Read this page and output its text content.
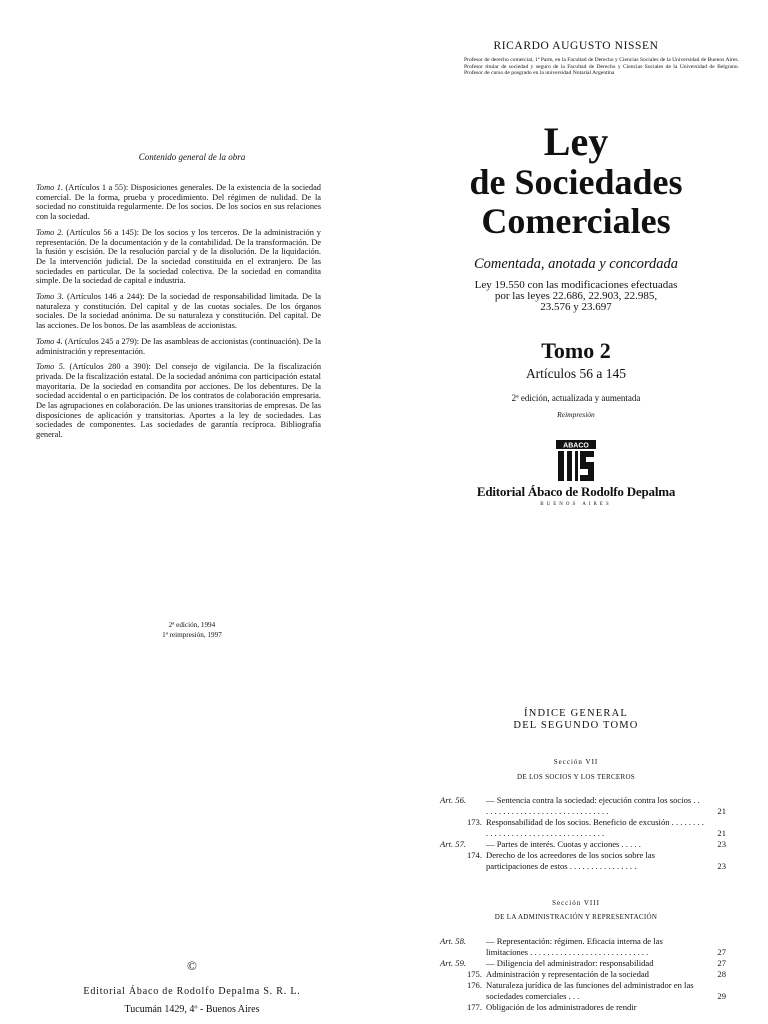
Contenido general de la obra
Tomo 1. (Artículos 1 a 55): Disposiciones generales. De la existencia de la sociedad comercial. De la forma, prueba y procedimiento. Del régimen de nulidad. De la sociedad no constituida regularmente. De los socios. De los socios en sus relaciones con la sociedad.
Tomo 2. (Artículos 56 a 145): De los socios y los terceros. De la administración y representación. De la documentación y de la contabilidad. De la transformación. De la fusión y escisión. De la resolución parcial y de la disolución. De la liquidación. De la intervención judicial. De la sociedad constituida en el extranjero. De las sociedades en particular. De la sociedad colectiva. De la sociedad en comandita simple. De la sociedad de capital e industria.
Tomo 3. (Artículos 146 a 244): De la sociedad de responsabilidad limitada. De la naturaleza y constitución. Del capital y de las cuotas sociales. De los órganos sociales. De la sociedad anónima. De su naturaleza y constitución. Del capital. De las acciones. De los bonos. De las asambleas de accionistas.
Tomo 4. (Artículos 245 a 279): De las asambleas de accionistas (continuación). De la administración y representación.
Tomo 5. (Artículos 280 a 390): Del consejo de vigilancia. De la fiscalización privada. De la fiscalización estatal. De la sociedad anónima con participación estatal mayoritaria. De la sociedad en comandita por acciones. De los debentures. De la sociedad accidental o en participación. De los contratos de colaboración empresaria. De las agrupaciones en colaboración. De las uniones transitorias de empresas. De las disposiciones de aplicación y transitorias. Aportes a la ley de sociedades. Las sociedades de componentes. Las sociedades de garantía recíproca. Bibliografía general.
2ª edición, 1994
1ª reimpresión, 1997
RICARDO AUGUSTO NISSEN
Profesor de derecho comercial, 1ª Parte, en la Facultad de Derecho y Ciencias Sociales de la Universidad de Buenos Aires. Profesor titular de sociedad y seguro de la Facultad de Derecho y Ciencias Sociales de la Universidad de Belgrano. Profesor de curso de posgrado en la universidad Notarial Argentina
Ley
de Sociedades
Comerciales
Comentada, anotada y concordada
Ley 19.550 con las modificaciones efectuadas
por las leyes 22.686, 22.903, 22.985,
23.576 y 23.697
Tomo 2
Artículos 56 a 145
2ª edición, actualizada y aumentada
Reimpresión
ABACO
Editorial Ábaco de Rodolfo Depalma
BUENOS AIRES
©
Editorial Ábaco de Rodolfo Depalma S. R. L.
Tucumán 1429, 4º - Buenos Aires
ÍNDICE GENERAL
DEL SEGUNDO TOMO
Sección VII
DE LOS SOCIOS Y LOS TERCEROS
Art. 56.	— Sentencia contra la sociedad: ejecución contra los socios . . . . . . . . . . . . . . . . . . . . . . . . . . . . . . .	21
173. Responsabilidad de los socios. Beneficio de excusión . . . . . . . . . . . . . . . . . . . . . . . . . . . . . . . . . . . .	21
Art. 57.	— Partes de interés. Cuotas y acciones . . . . .	23
174. Derecho de los acreedores de los socios sobre las participaciones de estos . . . . . . . . . . . . . . . .	23
Sección VIII
DE LA ADMINISTRACIÓN Y REPRESENTACIÓN
Art. 58.	— Representación: régimen. Eficacia interna de las limitaciones . . . . . . . . . . . . . . . . . . . . . . . . . . . .	27
Art. 59.	— Diligencia del administrador: responsabilidad	27
175. Administración y representación de la sociedad	28
176. Naturaleza jurídica de las funciones del administrador en las sociedades comerciales . . .	29
177. Obligación de los administradores de rendir
